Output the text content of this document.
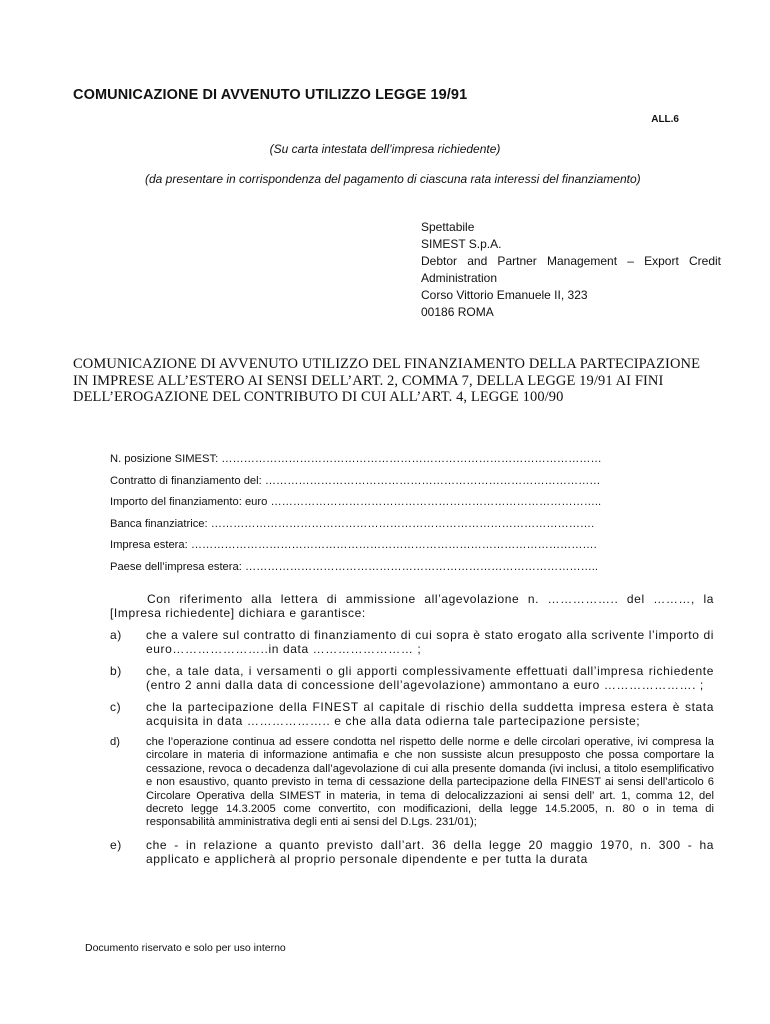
COMUNICAZIONE DI AVVENUTO UTILIZZO LEGGE 19/91
ALL.6
(Su carta intestata dell’impresa richiedente)
(da presentare in corrispondenza del pagamento di ciascuna rata interessi del finanziamento)
Spettabile
SIMEST S.p.A.
Debtor and Partner Management – Export Credit
Administration
Corso Vittorio Emanuele II, 323
00186 ROMA
COMUNICAZIONE DI AVVENUTO UTILIZZO DEL FINANZIAMENTO DELLA PARTECIPAZIONE IN IMPRESE ALL’ESTERO AI SENSI DELL’ART. 2, COMMA 7, DELLA LEGGE 19/91 AI FINI DELL’EROGAZIONE DEL CONTRIBUTO DI CUI ALL’ART. 4, LEGGE 100/90
N. posizione SIMEST: …………………………………………………………………………………………
Contratto di finanziamento del: ………………………………………………………………………………
Importo del finanziamento: euro ……………………………………………………………………………..
Banca finanziatrice: ………………………………………………………………………………………….
Impresa estera: ……………………………………………………………………………………………….
Paese dell’impresa estera: …………………………………………………………………………………..
Con riferimento alla lettera di ammissione all’agevolazione n. …………….. del ………, la [Impresa richiedente] dichiara e garantisce:
a)	che a valere sul contratto di finanziamento di cui sopra è stato erogato alla scrivente l’importo di euro…………………..in data …………………… ;
b)	che, a tale data, i versamenti o gli apporti complessivamente effettuati dall’impresa richiedente (entro 2 anni dalla data di concessione dell’agevolazione) ammontano a euro …………………. ;
c)	che la partecipazione della FINEST al capitale di rischio della suddetta impresa estera è stata acquisita in data ……………….. e che alla data odierna tale partecipazione persiste;
d)	che l’operazione continua ad essere condotta nel rispetto delle norme e delle circolari operative, ivi compresa la circolare in materia di informazione antimafia e che non sussiste alcun presupposto che possa comportare la cessazione, revoca o decadenza dall’agevolazione di cui alla presente domanda (ivi inclusi, a titolo esemplificativo e non esaustivo, quanto previsto in tema di cessazione della partecipazione della FINEST ai sensi dell’articolo 6 Circolare Operativa della SIMEST in materia, in tema di delocalizzazioni ai sensi dell’ art. 1, comma 12, del decreto legge 14.3.2005 come convertito, con modificazioni, della legge 14.5.2005, n. 80 o in tema di responsabilità amministrativa degli enti ai sensi del D.Lgs. 231/01);
e)	che - in relazione a quanto previsto dall’art. 36 della legge 20 maggio 1970, n. 300 - ha applicato e applicherà al proprio personale dipendente e per tutta la durata
Documento riservato e solo per uso interno
